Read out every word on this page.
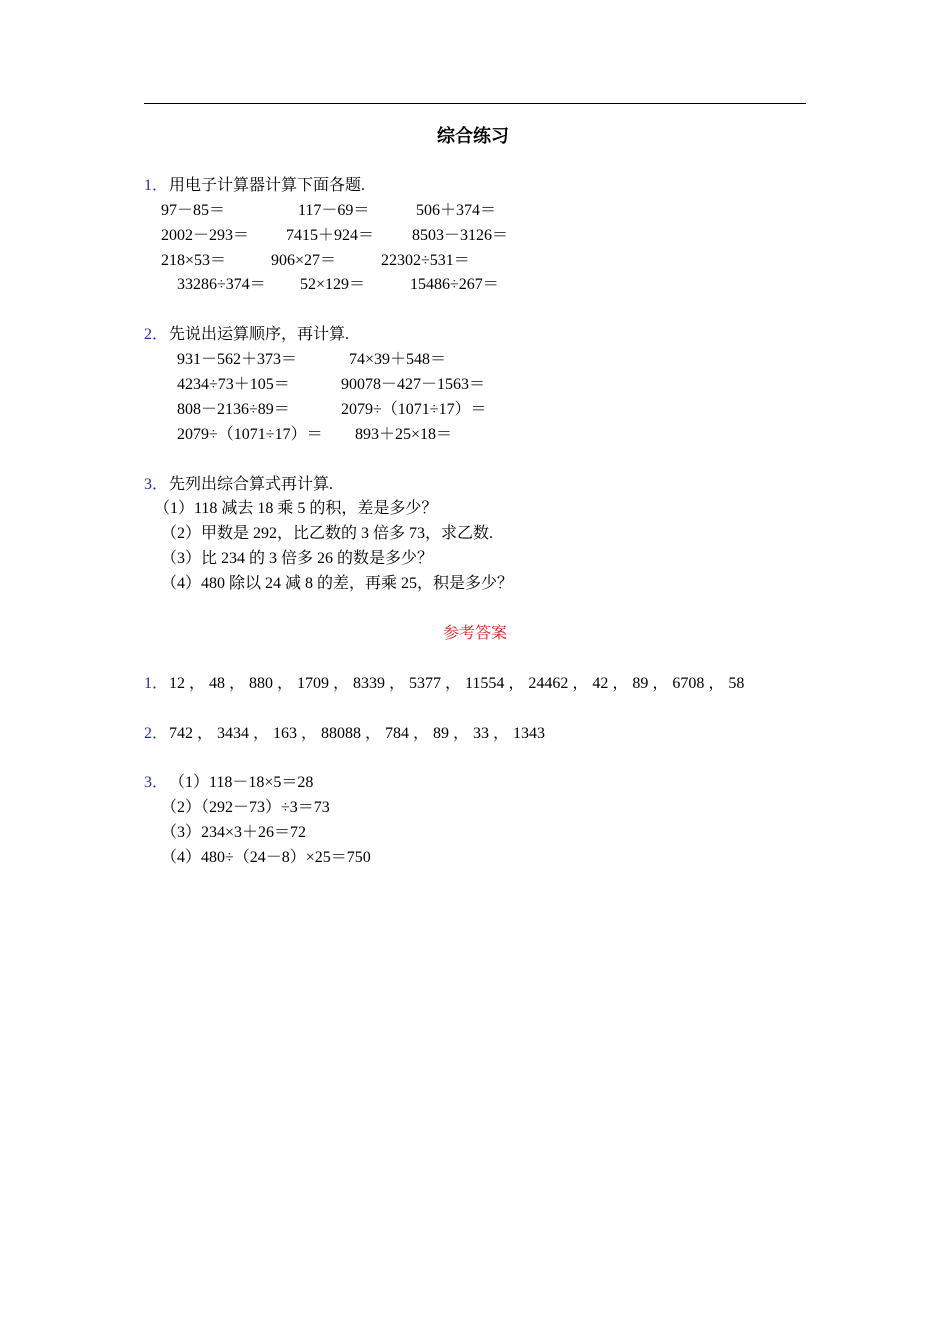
综合练习
1． 用电子计算器计算下面各题.
97－85＝	117－69＝	506＋374＝
2002－293＝ 7415＋924＝ 8503－3126＝
218×53＝	906×27＝	22302÷531＝
33286÷374＝ 52×129＝	15486÷267＝
2． 先说出运算顺序，再计算.
931－562＋373＝	74×39＋548＝
4234÷73＋105＝	90078－427－1563＝
808－2136÷89＝	2079÷（1071÷17）＝
2079÷（1071÷17）＝ 893＋25×18＝
3． 先列出综合算式再计算.
（1）118 减去 18 乘 5 的积，差是多少？
（2）甲数是 292，比乙数的 3 倍多 73，求乙数.
（3）比 234 的 3 倍多 26 的数是多少？
（4）480 除以 24 减 8 的差，再乘 25，积是多少？
参考答案
1． 12 ， 48 ， 880 ， 1709 ， 8339 ， 5377 ， 11554 ， 24462 ， 42 ， 89 ， 6708 ， 58
2． 742 ， 3434 ， 163 ， 88088 ， 784 ， 89 ， 33 ， 1343
3． （1）118－18×5＝28
（2）（292－73）÷3＝73
（3）234×3＋26＝72
（4）480÷（24－8）×25＝750
